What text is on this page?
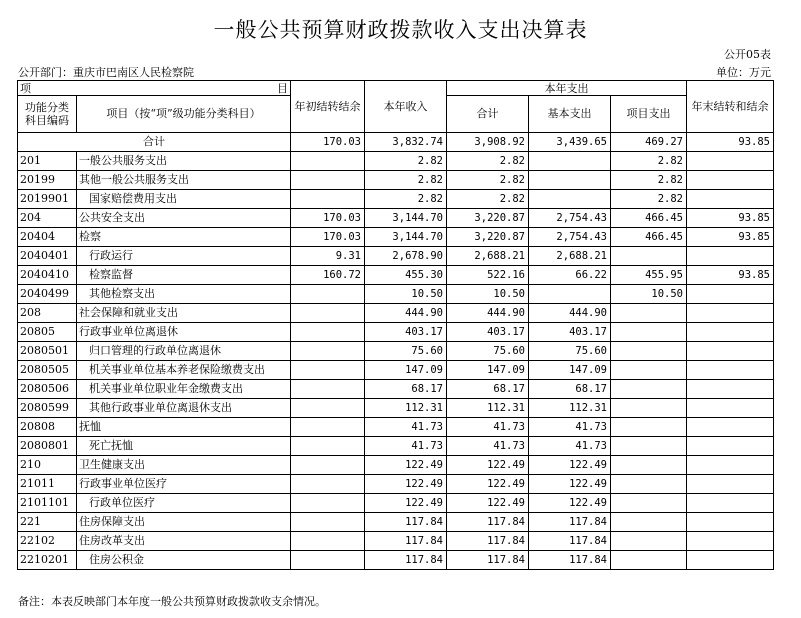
一般公共预算财政拨款收入支出决算表
公开05表
公开部门：重庆市巴南区人民检察院	单位：万元
项 目		年初结转结余	本年收入	本年支出			年末结转和结余
功能分类科目编码	项目（按“项”级功能分类科目）			合计	基本支出	项目支出	

合计		170.03	3,832.74	3,908.92	3,439.65	469.27	93.85
201	一般公共服务支出		2.82	2.82		2.82	
20199	其他一般公共服务支出		2.82	2.82		2.82	
2019901	国家赔偿费用支出		2.82	2.82		2.82	
204	公共安全支出	170.03	3,144.70	3,220.87	2,754.43	466.45	93.85
20404	检察	170.03	3,144.70	3,220.87	2,754.43	466.45	93.85
2040401	行政运行	9.31	2,678.90	2,688.21	2,688.21		
2040410	检察监督	160.72	455.30	522.16	66.22	455.95	93.85
2040499	其他检察支出		10.50	10.50		10.50	
208	社会保障和就业支出		444.90	444.90	444.90		
20805	行政事业单位离退休		403.17	403.17	403.17		
2080501	归口管理的行政单位离退休		75.60	75.60	75.60		
2080505	机关事业单位基本养老保险缴费支出		147.09	147.09	147.09		
2080506	机关事业单位职业年金缴费支出		68.17	68.17	68.17		
2080599	其他行政事业单位离退休支出		112.31	112.31	112.31		
20808	抚恤		41.73	41.73	41.73		
2080801	死亡抚恤		41.73	41.73	41.73		
210	卫生健康支出		122.49	122.49	122.49		
21011	行政事业单位医疗		122.49	122.49	122.49		
2101101	行政单位医疗		122.49	122.49	122.49		
221	住房保障支出		117.84	117.84	117.84		
22102	住房改革支出		117.84	117.84	117.84		
2210201	住房公积金		117.84	117.84	117.84		
备注：本表反映部门本年度一般公共预算财政拨款收支余情况。
